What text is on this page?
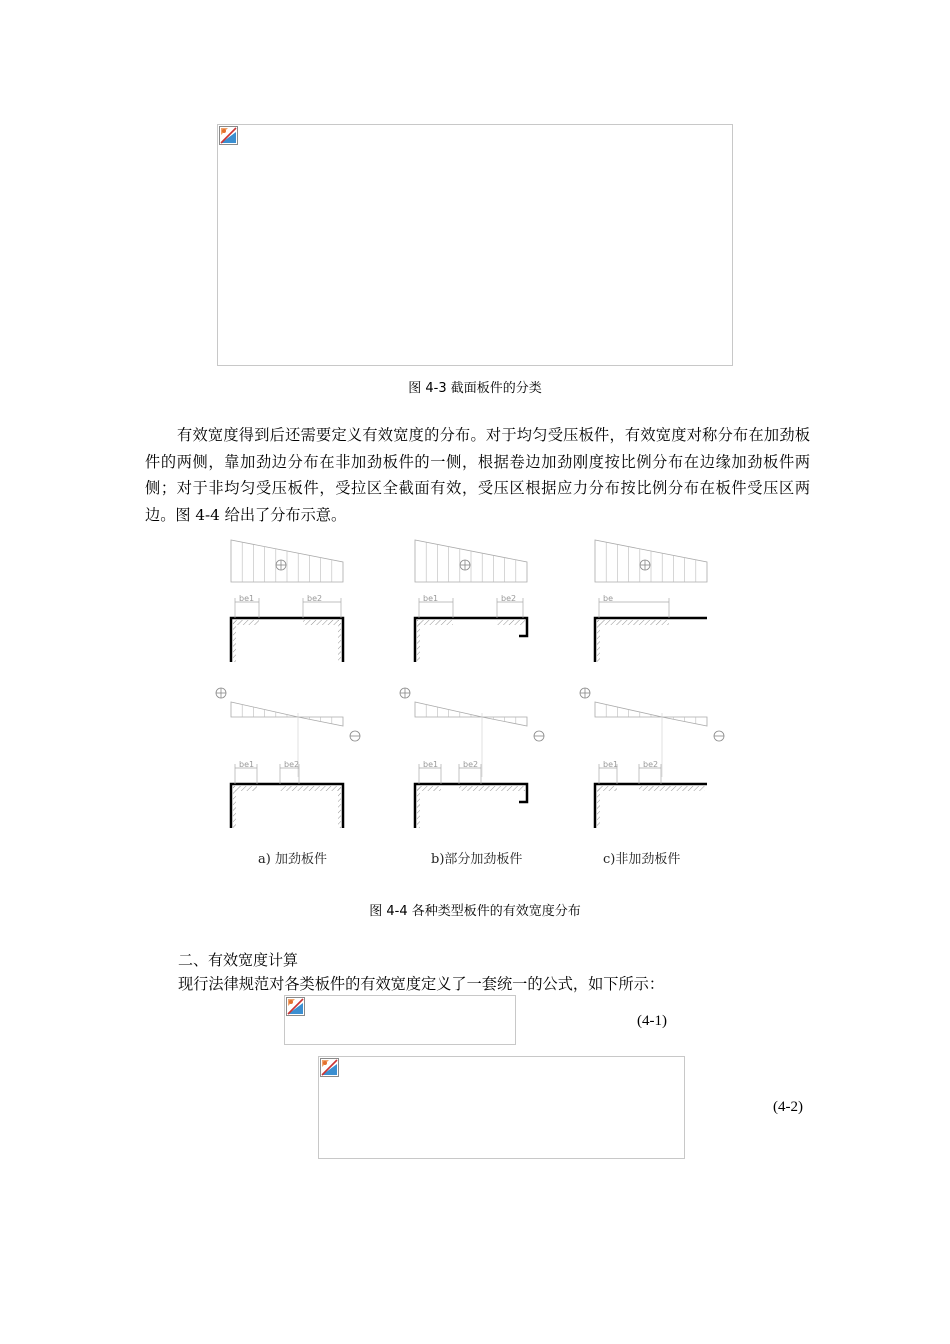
图 4-3 截面板件的分类

有效宽度得到后还需要定义有效宽度的分布。对于均匀受压板件，有效宽度对称分布在加劲板件的两侧，靠加劲边分布在非加劲板件的一侧，根据卷边加劲刚度按比例分布在边缘加劲板件两侧；对于非均匀受压板件，受拉区全截面有效，受压区根据应力分布按比例分布在板件受压区两边。图 4-4 给出了分布示意。

be1	be2	be1	be2	be
be1	be2	be1	be2	be1	be2
a) 加劲板件	b)部分加劲板件	c)非加劲板件
图 4-4 各种类型板件的有效宽度分布
二、有效宽度计算
现行法律规范对各类板件的有效宽度定义了一套统一的公式，如下所示：
(4-1)
(4-2)
